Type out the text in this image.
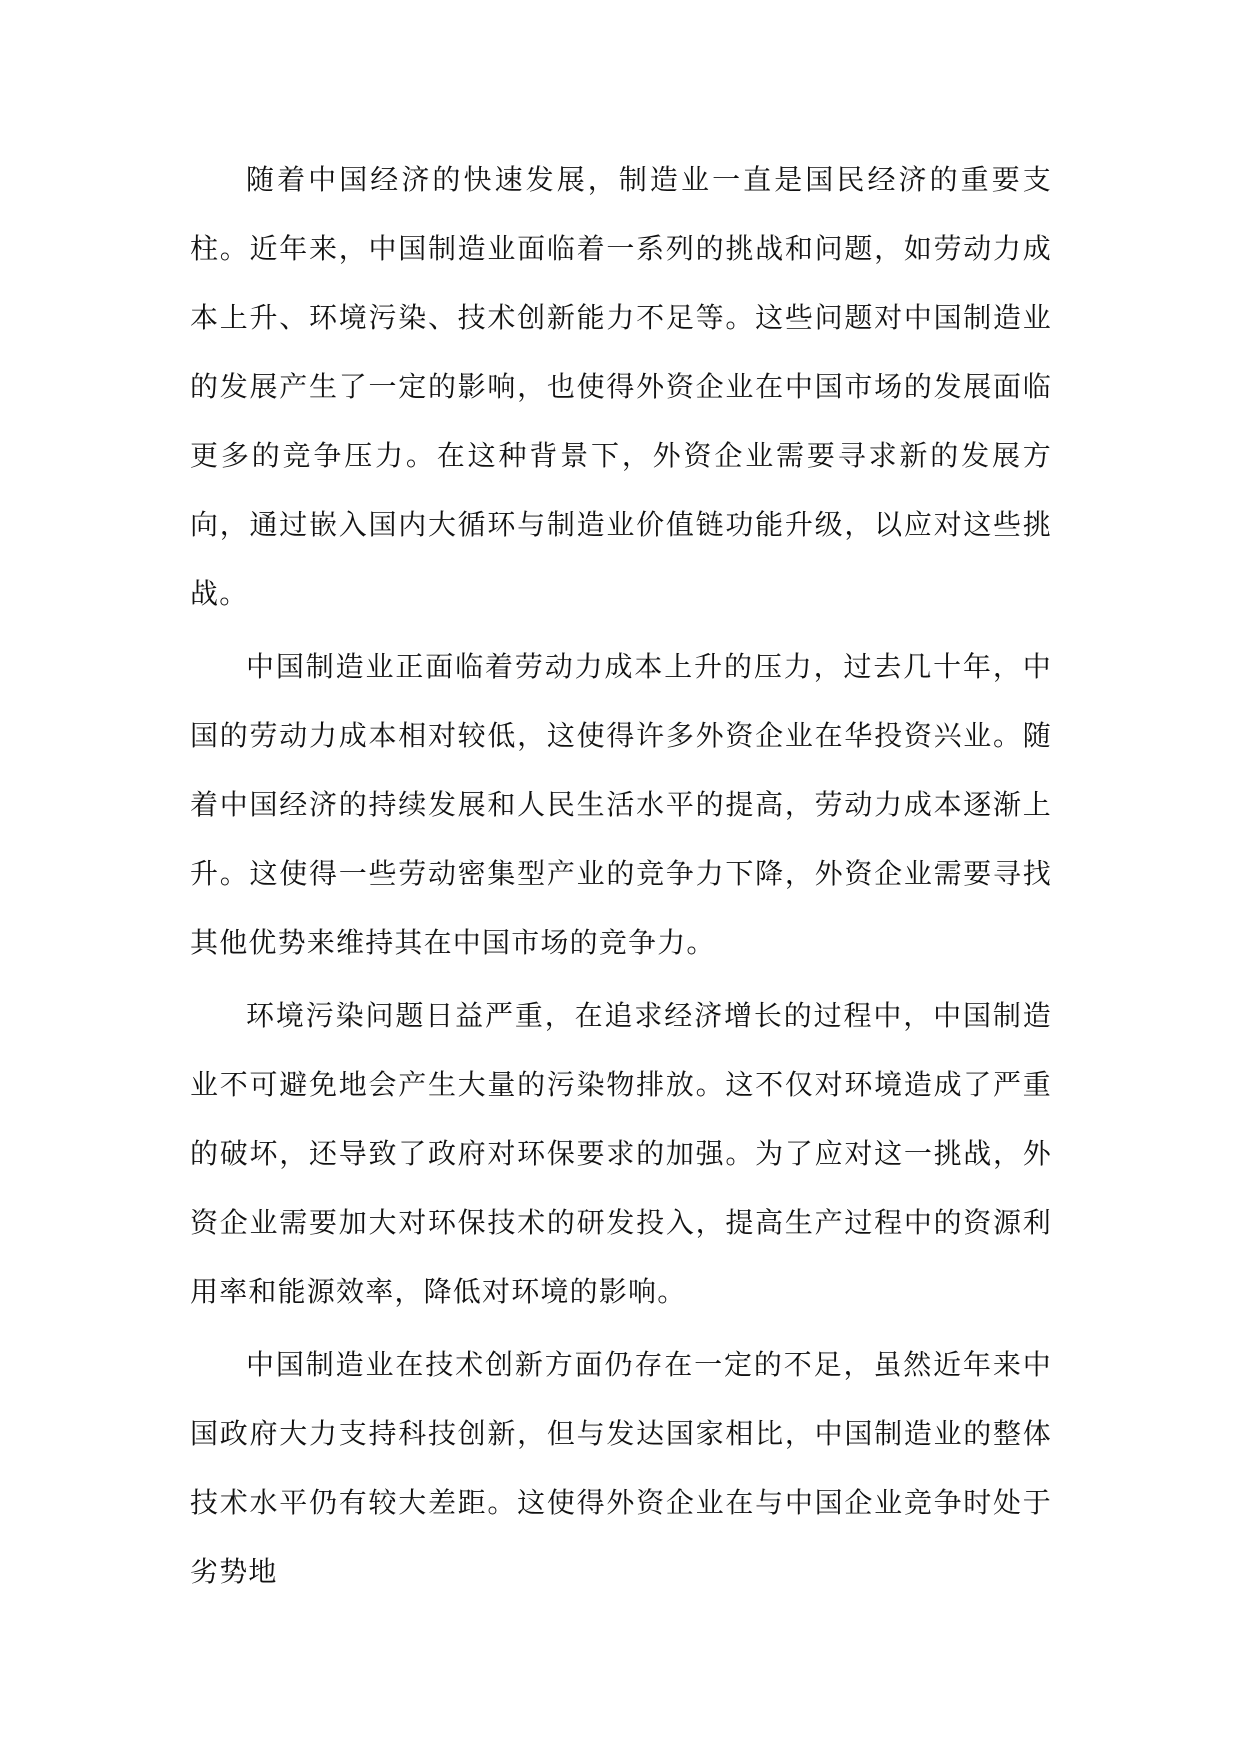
随着中国经济的快速发展，制造业一直是国民经济的重要支柱。近年来，中国制造业面临着一系列的挑战和问题，如劳动力成本上升、环境污染、技术创新能力不足等。这些问题对中国制造业的发展产生了一定的影响，也使得外资企业在中国市场的发展面临更多的竞争压力。在这种背景下，外资企业需要寻求新的发展方向，通过嵌入国内大循环与制造业价值链功能升级，以应对这些挑战。

中国制造业正面临着劳动力成本上升的压力，过去几十年，中国的劳动力成本相对较低，这使得许多外资企业在华投资兴业。随着中国经济的持续发展和人民生活水平的提高，劳动力成本逐渐上升。这使得一些劳动密集型产业的竞争力下降，外资企业需要寻找其他优势来维持其在中国市场的竞争力。

环境污染问题日益严重，在追求经济增长的过程中，中国制造业不可避免地会产生大量的污染物排放。这不仅对环境造成了严重的破坏，还导致了政府对环保要求的加强。为了应对这一挑战，外资企业需要加大对环保技术的研发投入，提高生产过程中的资源利用率和能源效率，降低对环境的影响。

中国制造业在技术创新方面仍存在一定的不足，虽然近年来中国政府大力支持科技创新，但与发达国家相比，中国制造业的整体技术水平仍有较大差距。这使得外资企业在与中国企业竞争时处于劣势地
